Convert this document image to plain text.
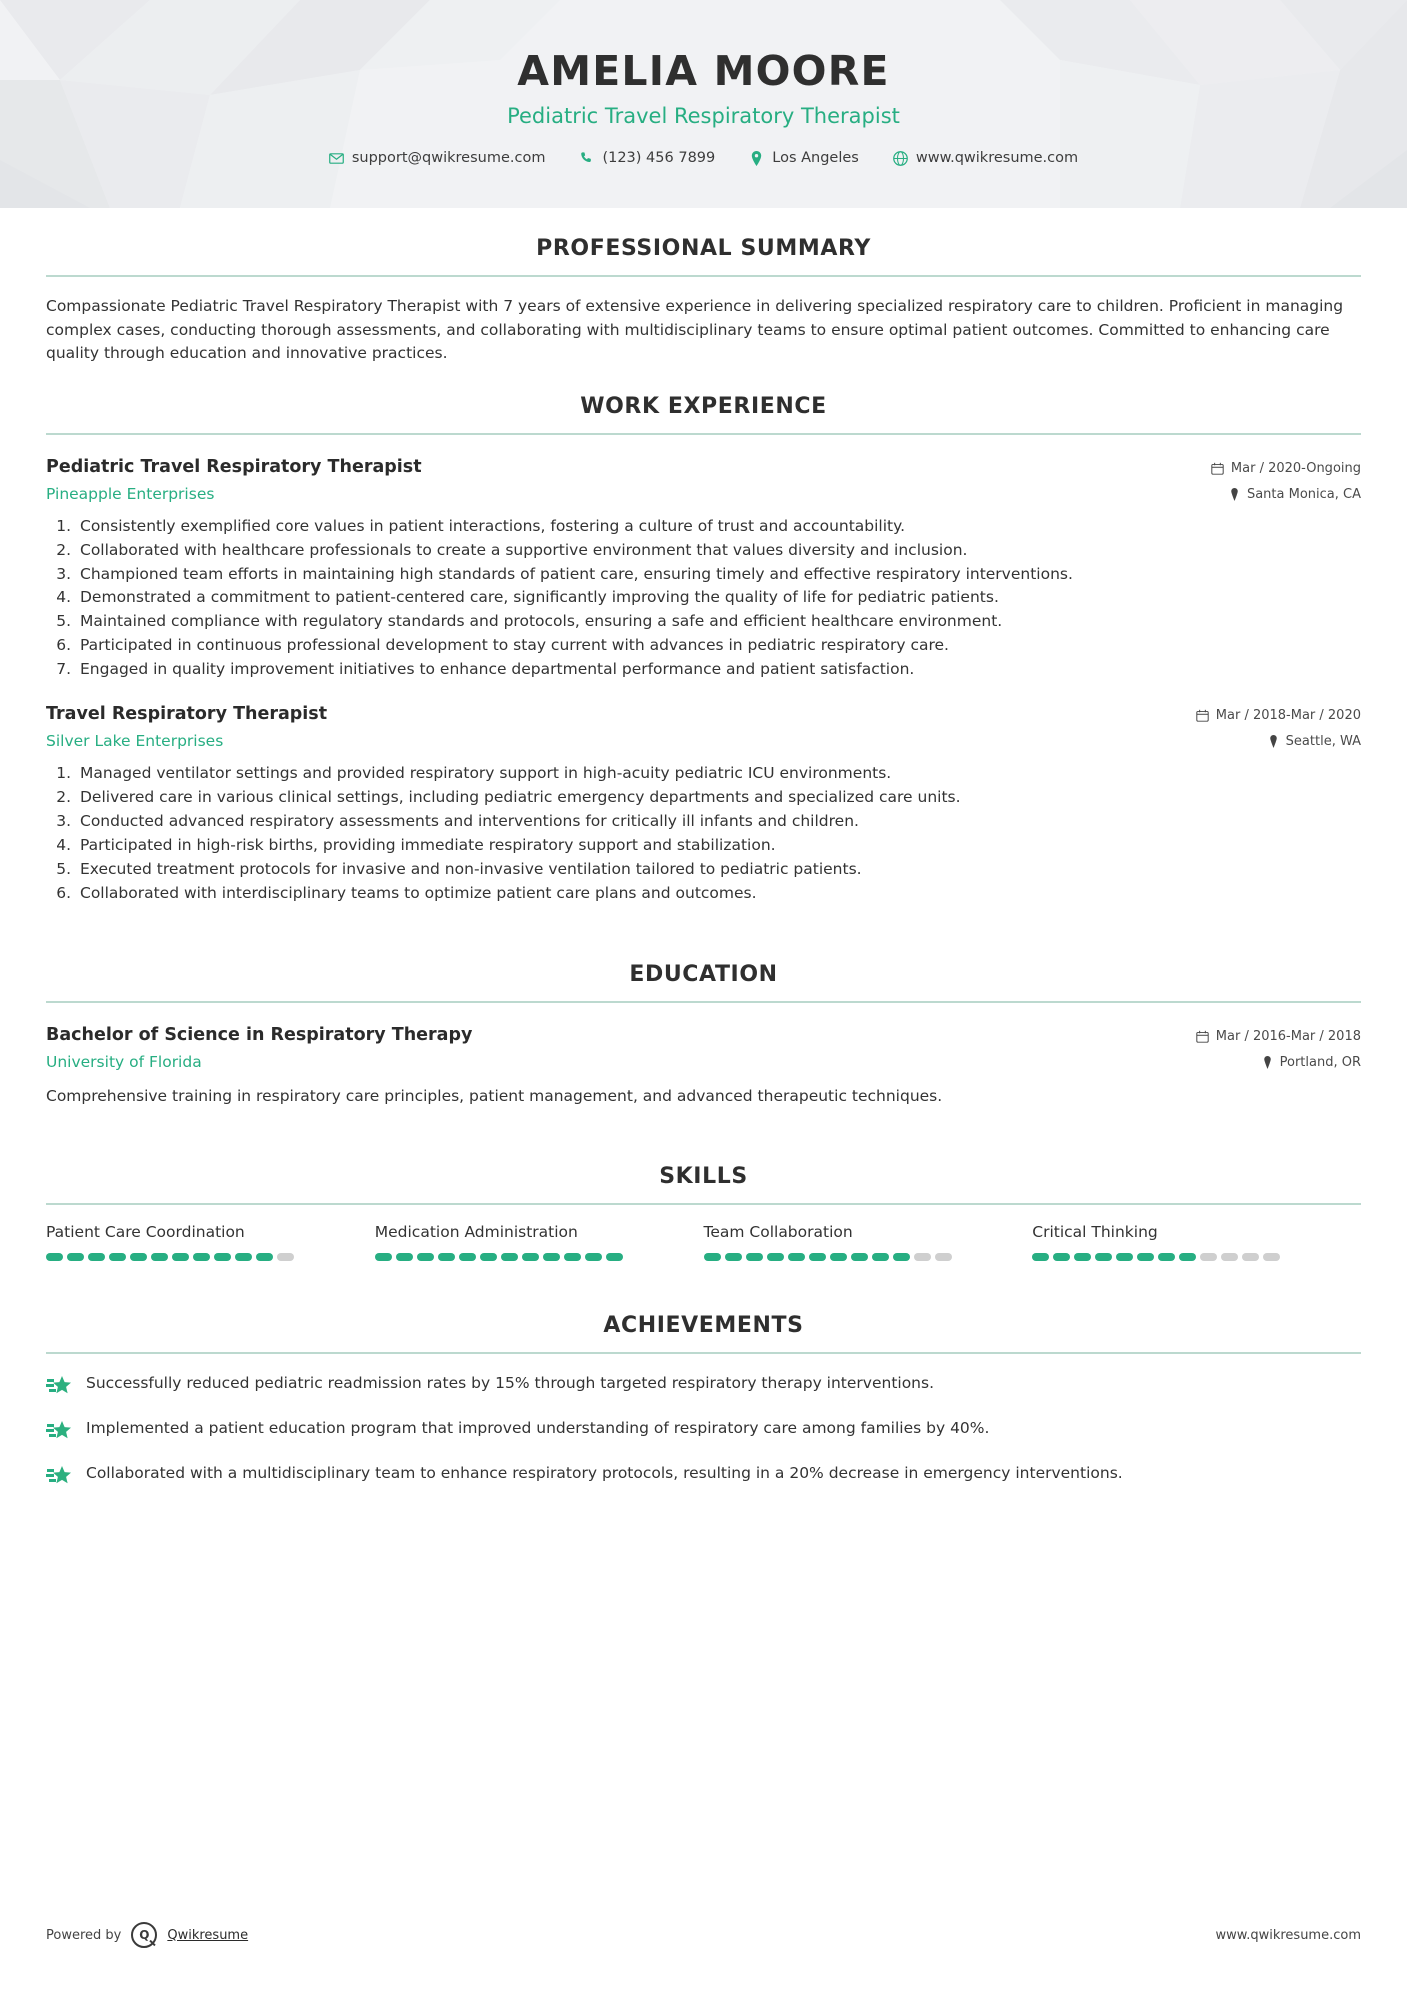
AMELIA MOORE
Pediatric Travel Respiratory Therapist
support@qwikresume.com	(123) 456 7899	Los Angeles	www.qwikresume.com
PROFESSIONAL SUMMARY
Compassionate Pediatric Travel Respiratory Therapist with 7 years of extensive experience in delivering specialized respiratory care to children. Proficient in managing complex cases, conducting thorough assessments, and collaborating with multidisciplinary teams to ensure optimal patient outcomes. Committed to enhancing care quality through education and innovative practices.
WORK EXPERIENCE
Pediatric Travel Respiratory Therapist
Pineapple Enterprises
Mar / 2020-Ongoing
Santa Monica, CA
1. Consistently exemplified core values in patient interactions, fostering a culture of trust and accountability.
2. Collaborated with healthcare professionals to create a supportive environment that values diversity and inclusion.
3. Championed team efforts in maintaining high standards of patient care, ensuring timely and effective respiratory interventions.
4. Demonstrated a commitment to patient-centered care, significantly improving the quality of life for pediatric patients.
5. Maintained compliance with regulatory standards and protocols, ensuring a safe and efficient healthcare environment.
6. Participated in continuous professional development to stay current with advances in pediatric respiratory care.
7. Engaged in quality improvement initiatives to enhance departmental performance and patient satisfaction.
Travel Respiratory Therapist
Silver Lake Enterprises
Mar / 2018-Mar / 2020
Seattle, WA
1. Managed ventilator settings and provided respiratory support in high-acuity pediatric ICU environments.
2. Delivered care in various clinical settings, including pediatric emergency departments and specialized care units.
3. Conducted advanced respiratory assessments and interventions for critically ill infants and children.
4. Participated in high-risk births, providing immediate respiratory support and stabilization.
5. Executed treatment protocols for invasive and non-invasive ventilation tailored to pediatric patients.
6. Collaborated with interdisciplinary teams to optimize patient care plans and outcomes.
EDUCATION
Bachelor of Science in Respiratory Therapy
University of Florida
Mar / 2016-Mar / 2018
Portland, OR
Comprehensive training in respiratory care principles, patient management, and advanced therapeutic techniques.
SKILLS
Patient Care Coordination	Medication Administration	Team Collaboration	Critical Thinking
ACHIEVEMENTS
Successfully reduced pediatric readmission rates by 15% through targeted respiratory therapy interventions.
Implemented a patient education program that improved understanding of respiratory care among families by 40%.
Collaborated with a multidisciplinary team to enhance respiratory protocols, resulting in a 20% decrease in emergency interventions.
Powered by	Q	Qwikresume	www.qwikresume.com
